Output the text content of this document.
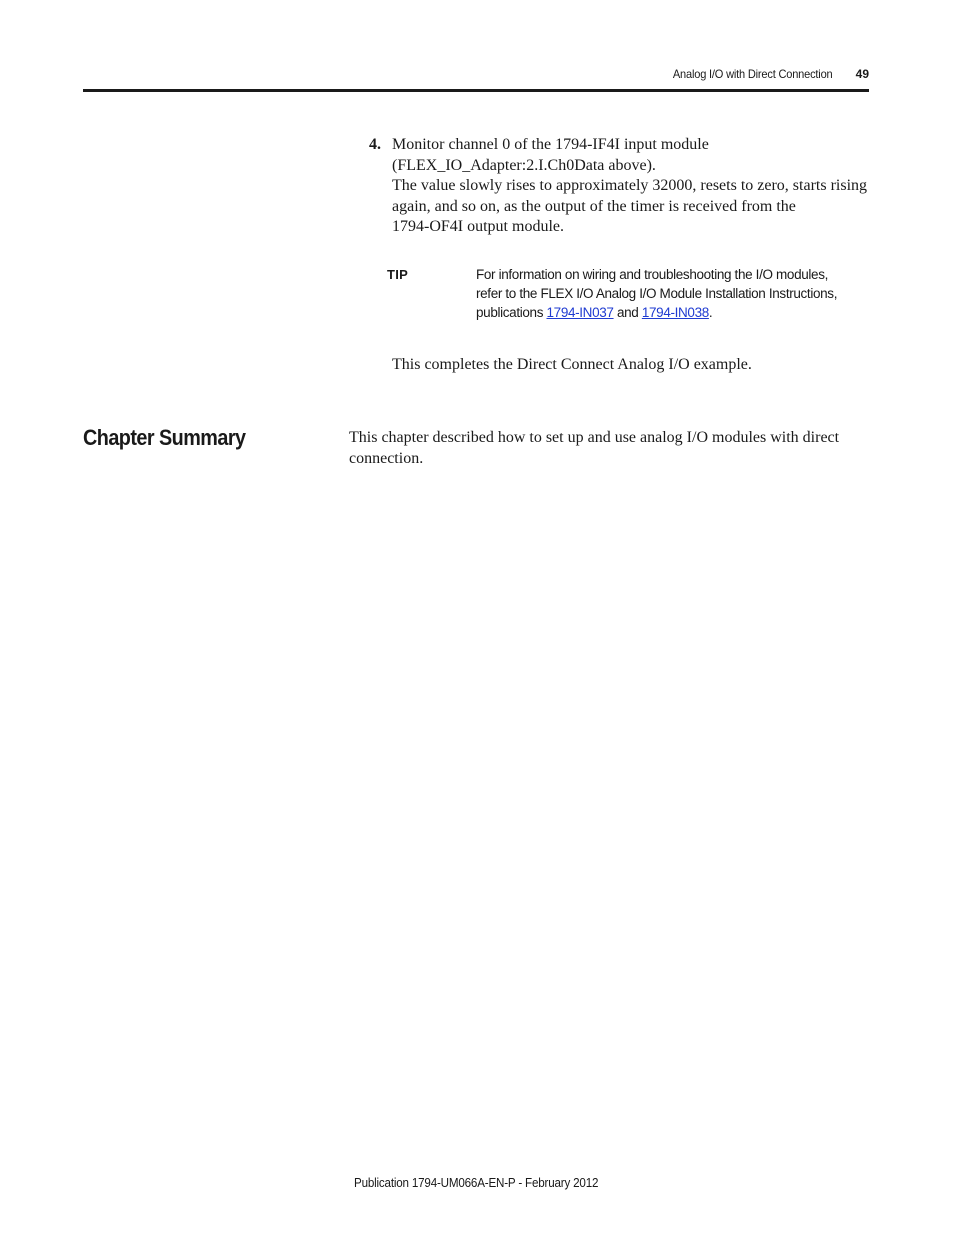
Analog I/O with Direct Connection 49
4. Monitor channel 0 of the 1794-IF4I input module

(FLEX_IO_Adapter:2.I.Ch0Data above).

The value slowly rises to approximately 32000, resets to zero, starts rising

again, and so on, as the output of the timer is received from the

1794-OF4I output module.

TIP	For information on wiring and troubleshooting the I/O modules,

refer to the FLEX I/O Analog I/O Module Installation Instructions,

publications 1794-IN037 and 1794-IN038.

This completes the Direct Connect Analog I/O example.
Chapter Summary	This chapter described how to set up and use analog I/O modules with direct

connection.

Publication 1794-UM066A-EN-P - February 2012
